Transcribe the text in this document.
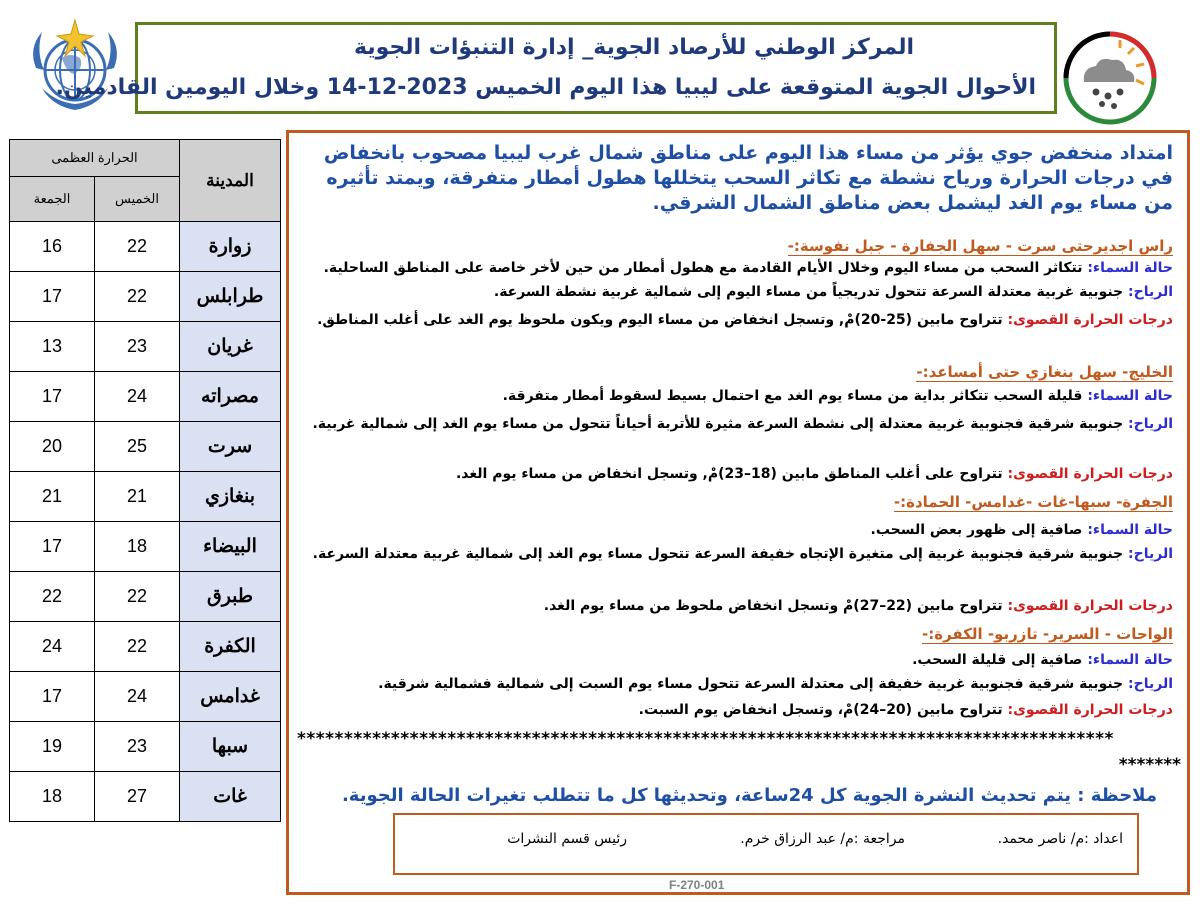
المركز الوطني للأرصاد الجوية_ إدارة التنبؤات الجوية
الأحوال الجوية المتوقعة على ليبيا هذا اليوم الخميس 2023-12-14 وخلال اليومين القادمين.
الحرارة العظمى		المدينة
الجمعة	الخميس	
16	22	زوارة
17	22	طرابلس
13	23	غريان
17	24	مصراته
20	25	سرت
21	21	بنغازي
17	18	البيضاء
22	22	طبرق
24	22	الكفرة
17	24	غدامس
19	23	سبها
18	27	غات
امتداد منخفض جوي يؤثر من مساء هذا اليوم على مناطق شمال غرب ليبيا مصحوب بانخفاض في درجات الحرارة ورياح نشطة مع تكاثر السحب يتخللها هطول أمطار متفرقة، ويمتد تأثيره من مساء يوم الغد ليشمل بعض مناطق الشمال الشرقي.
راس اجديرحتى سرت - سهل الجفارة - جبل نفوسة:-
حالة السماء: تتكاثر السحب من مساء اليوم وخلال الأيام القادمة مع هطول أمطار من حين لأخر خاصة على المناطق الساحلية.
الرياح: جنوبية غربية معتدلة السرعة تتحول تدريجياً من مساء اليوم إلى شمالية غربية نشطة السرعة.
درجات الحرارة القصوى: تتراوح مابين (25-20)مْ, وتسجل انخفاض من مساء اليوم ويكون ملحوظ يوم الغد على أغلب المناطق.
الخليج- سهل بنغازي حتى أمساعد:-
حالة السماء: قليلة السحب تتكاثر بداية من مساء يوم الغد مع احتمال بسيط لسقوط أمطار متفرقة.
الرياح: جنوبية شرقية فجنوبية غربية معتدلة إلى نشطة السرعة مثيرة للأتربة أحياناً تتحول من مساء يوم الغد إلى شمالية غربية.
درجات الحرارة القصوى: تتراوح على أغلب المناطق مابين (18–23)مْ, وتسجل انخفاض من مساء يوم الغد.
الجفرة- سبها-غات -غدامس- الحمادة:-
حالة السماء: صافية إلى ظهور بعض السحب.
الرياح: جنوبية شرقية فجنوبية غربية إلى متغيرة الإتجاه خفيفة السرعة تتحول مساء يوم الغد إلى شمالية غربية معتدلة السرعة.
درجات الحرارة القصوى: تتراوح مابين (22–27)مْ وتسجل انخفاض ملحوظ من مساء يوم الغد.
الواحات - السرير- تازربو- الكفرة:-
حالة السماء: صافية إلى قليلة السحب.
الرياح: جنوبية شرقية فجنوبية غربية خفيفة إلى معتدلة السرعة تتحول مساء يوم السبت إلى شمالية فشمالية شرقية.
درجات الحرارة القصوى: تتراوح مابين (20–24)مْ، وتسجل انخفاض يوم السبت.
***************************************************************************************
*******
ملاحظة : يتم تحديث النشرة الجوية كل 24ساعة، وتحديثها كل ما تتطلب تغيرات الحالة الجوية.
اعداد :م/ ناصر محمد.
مراجعة :م/ عبد الرزاق خرم.
رئيس قسم النشرات
F-270-001
